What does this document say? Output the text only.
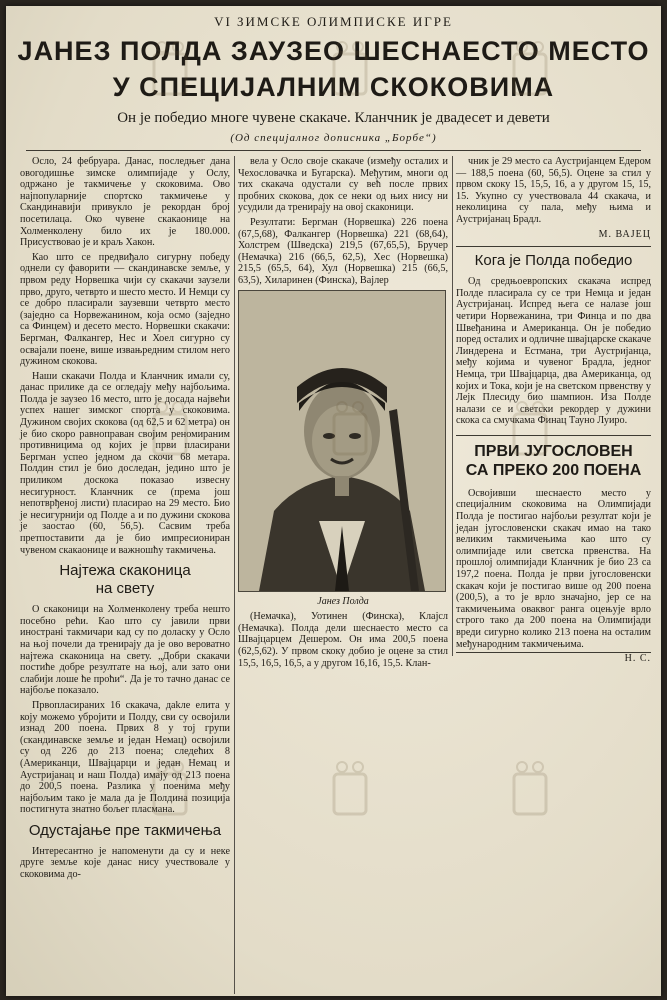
VI ЗИМСКЕ ОЛИМПИСКЕ ИГРЕ
ЈАНЕЗ ПОЛДА ЗАУЗЕО ШЕСНАЕСТО МЕСТО
У СПЕЦИЈАЛНИМ СКОКОВИМА
Он је победио многе чувене скакаче. Кланчник је двадесет и девети
(Од специјалног дописника „Борбе“)

Осло, 24 фебруара. Данас, последњег дана овогодишње зимске олимпијаде у Ослу, одржано је такмичење у скоковима. Ово најпопуларније спортско такмичење у Скандинавији привукло је рекордан број посетилаца. Око чувене скакаонице на Холменколену било их је 180.000. Присуствовао је и краљ Хакон.

Као што се предвиђало сигурну победу однели су фаворити — скандинавске земље, у првом реду Норвешка чији су скакачи заузели прво, друго, четврто и шесто место. И Немци су се добро пласирали заузевши четврто место (заједно са Норвежанином, која осмо (заједно са Финцем) и десето место. Норвешки скакачи: Бергман, Фалкангер, Нес и Хоел сигурно су освајали поене, више извањредним стилом него дужином скокова.

Наши скакачи Полда и Кланчник имали су, данас прилике да се огледају међу најбољима. Полда је заузео 16 место, што је досада највећи успех нашег зимског спорта у скоковима. Дужином својих скокова (од 62,5 и 62 метра) он је био скоро равноправан својим реномираним противницима од којих је први пласирани Бергман успео једном да скочи 68 метара. Полдин стил је био доследан, једино што је приликом доскока показао извесну несигурност. Кланчник се (према још непотврђеној листи) пласирао на 29 место. Био је несигурнији од Полде а и по дужини скокова је заостао (60, 56,5). Сасвим треба претпоставити да је био импресиониран чувеном скакаонице и важношћу такмичења.

Најтежа скаконица
на свету

О скаконици на Холменколену треба нешто посебно рећи. Као што су јавили први иностранi такмичари кад су по доласку у Осло на њој почели да тренирају да је ово вероватно најтежа скаконица на свету. „Добри скакачи постиће добре резултате на њој, али зато они слабији лоше ће проћи“. Да је то тачно данас се најбоље показало.

Првопласираних 16 скакача, даkле елита у коју можемо убројити и Полду, сви су освојили изнад 200 поена. Првих 8 у тој групи (скандинавске земље и један Немац) освојили су од 226 до 213 поена; следећих 8 (Американци, Швајцарци и један Немац и Аустријанац и наш Полда) имају од 213 поена до 200,5 поена. Разлика у поенима међу најбољим тако је мала да је Полдина позиција постигнута знатно бољег пласмана.

Одустајање пре такмичења

Интересантно је напоменути да су и неке друге земље које данас нису учествовале у скоковима до-

вела у Осло своје скакаче (између осталих и Чехословачка и Бугарска). Међутим, многи од тих скакача одустали су већ после првих пробних скокова, док се неки од њих нису ни усудили да тренирају на овој скаконици.

Резултати: Бергман (Норвешка) 226 поена (67,5,68), Фалкангер (Норвешка) 221 (68,64), Холстрем (Шведска) 219,5 (67,65,5), Бручер (Немачка) 216 (66,5, 62,5), Хес (Норвешка) 215,5 (65,5, 64), Хул (Норвешка) 215 (66,5, 63,5), Хиларинен (Финска), Вајлер

Јанез Полда

(Немачка), Уотинен (Финска), Клајсл (Немачка). Полда дели шеснаесто место са Швајцарцем Дешером. Он има 200,5 поена (62,5,62). У првом скоку добио је оцене за стил 15,5, 16,5, 16,5, а у другом 16,16, 15,5. Клан-

чник је 29 место са Аустријанцем Едером — 188,5 поена (60, 56,5). Оцене за стил у првом скоку 15, 15,5, 16, а у другом 15, 15, 15. Укупно су учествовала 44 скакача, и неколицина су пала, међу њима и Аустријанац Брадл.

М. ВАЈЕЦ
Кога је Полда победио

Од средњоевропских скакача испред Полде пласирала су се три Немца и један Аустријанац. Испред њега се налазе још четири Норвежанина, три Финца и по два Швеђанина и Американца. Он је победио поред осталих и одличне швајцарске скакаче Линдерена и Естмана, три Аустријанца, међу којима и чувеног Брадла, једног Немца, три Швајцарца, два Американца, од којих и Тока, који је на светском првенству у Лејк Плесиду био шампион. Иза Полде налази се и светски рекордер у дужини скока са смучкама Финац Тауно Луиро.

ПРВИ ЈУГОСЛОВЕН
СА ПРЕКО 200 ПОЕНА

Освојивши шеснаесто место у специјалним скоковима на Олимпијади Полда је постигао најбољи резултат који је један југословенски скакач имао на тако великим такмичењима као што су олимпијаде или светска првенства. На прошлој олимпијади Кланчник је био 23 са 197,2 поена. Полда је први југословенски скакач који је постигао више од 200 поена (200,5), а то је врло значајно, јер се на такмичењима оваквог ранга оцењује врло строго тако да 200 поена на Олимпијади вреди сигурно колико 213 поена на осталим међународним такмичењима.

Н. С.
